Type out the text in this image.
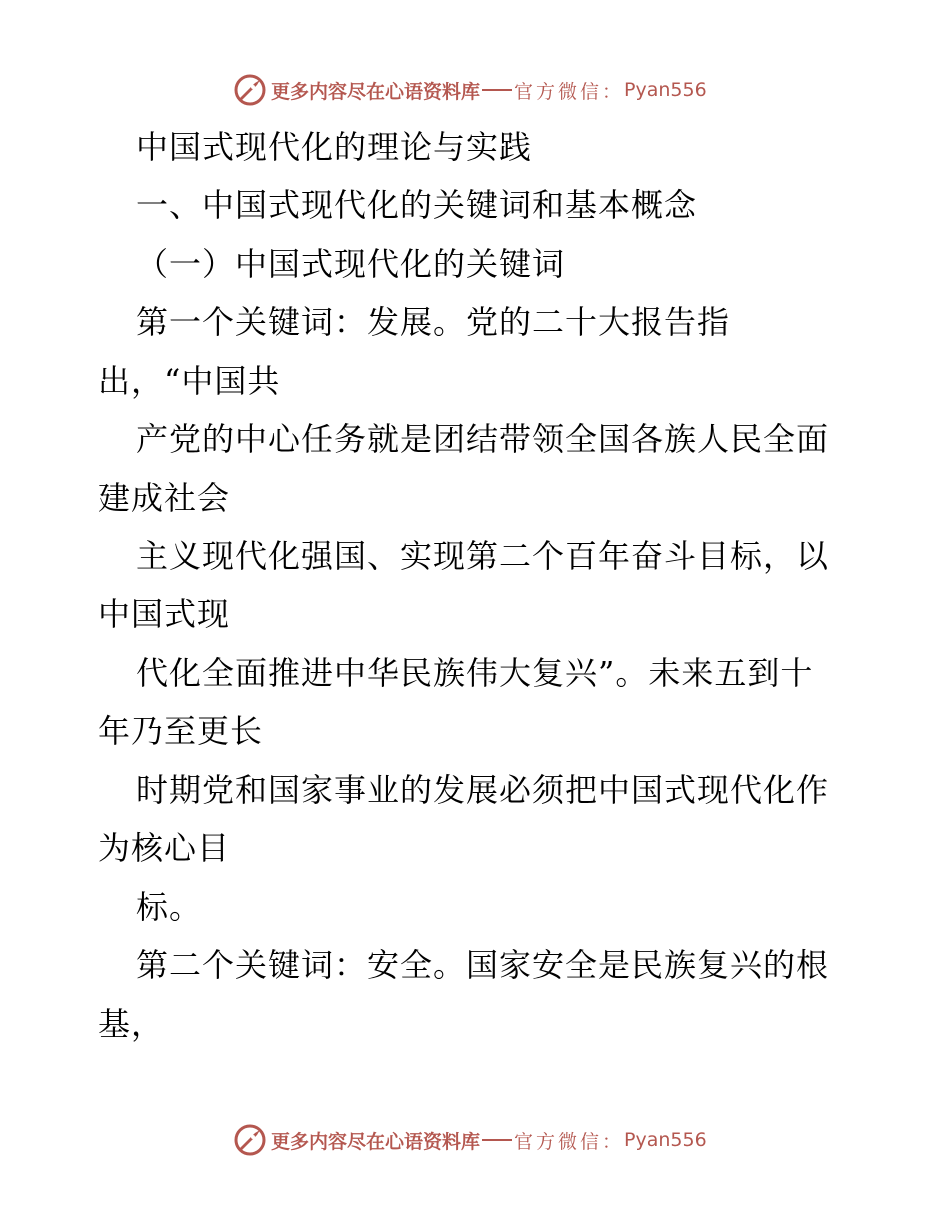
更多内容尽在心语资料库 官方微信： Pyan556
中国式现代化的理论与实践
一、中国式现代化的关键词和基本概念
（一）中国式现代化的关键词
第一个关键词：发展。党的二十大报告指
出，“中国共
产党的中心任务就是团结带领全国各族人民全面
建成社会
主义现代化强国、实现第二个百年奋斗目标，以
中国式现
代化全面推进中华民族伟大复兴”。未来五到十
年乃至更长
时期党和国家事业的发展必须把中国式现代化作
为核心目
标。
第二个关键词：安全。国家安全是民族复兴的根
基，
更多内容尽在心语资料库 官方微信： Pyan556
